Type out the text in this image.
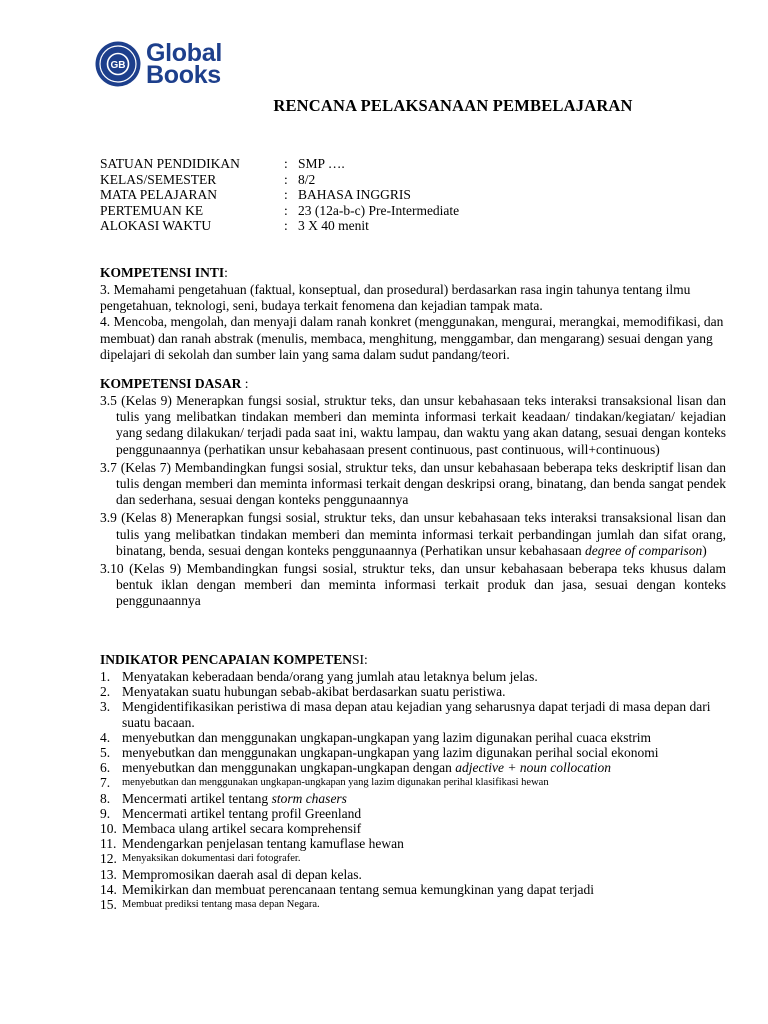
GB Global
Books
RENCANA PELAKSANAAN PEMBELAJARAN
SATUAN PENDIDIKAN	: SMP ….
KELAS/SEMESTER	: 8/2
MATA PELAJARAN	: BAHASA INGGRIS
PERTEMUAN KE	: 23 (12a-b-c) Pre-Intermediate
ALOKASI WAKTU	: 3 X 40 menit
KOMPETENSI INTI:
3. Memahami pengetahuan (faktual, konseptual, dan prosedural) berdasarkan rasa ingin tahunya tentang ilmu pengetahuan, teknologi, seni, budaya terkait fenomena dan kejadian tampak mata.
4. Mencoba, mengolah, dan menyaji dalam ranah konkret (menggunakan, mengurai, merangkai, memodifikasi, dan membuat) dan ranah abstrak (menulis, membaca, menghitung, menggambar, dan mengarang) sesuai dengan yang dipelajari di sekolah dan sumber lain yang sama dalam sudut pandang/teori.
KOMPETENSI DASAR :
3.5 (Kelas 9) Menerapkan fungsi sosial, struktur teks, dan unsur kebahasaan teks interaksi transaksional lisan dan tulis yang melibatkan tindakan memberi dan meminta informasi terkait keadaan/ tindakan/kegiatan/ kejadian yang sedang dilakukan/ terjadi pada saat ini, waktu lampau, dan waktu yang akan datang, sesuai dengan konteks penggunaannya (perhatikan unsur kebahasaan present continuous, past continuous, will+continuous)
3.7 (Kelas 7) Membandingkan fungsi sosial, struktur teks, dan unsur kebahasaan beberapa teks deskriptif lisan dan tulis dengan memberi dan meminta informasi terkait dengan deskripsi orang, binatang, dan benda sangat pendek dan sederhana, sesuai dengan konteks penggunaannya
3.9 (Kelas 8) Menerapkan fungsi sosial, struktur teks, dan unsur kebahasaan teks interaksi transaksional lisan dan tulis yang melibatkan tindakan memberi dan meminta informasi terkait perbandingan jumlah dan sifat orang, binatang, benda, sesuai dengan konteks penggunaannya (Perhatikan unsur kebahasaan degree of comparison)
3.10 (Kelas 9) Membandingkan fungsi sosial, struktur teks, dan unsur kebahasaan beberapa teks khusus dalam bentuk iklan dengan memberi dan meminta informasi terkait produk dan jasa, sesuai dengan konteks penggunaannya
INDIKATOR PENCAPAIAN KOMPETENSI:
1. Menyatakan keberadaan benda/orang yang jumlah atau letaknya belum jelas.
2. Menyatakan suatu hubungan sebab-akibat berdasarkan suatu peristiwa.
3. Mengidentifikasikan peristiwa di masa depan atau kejadian yang seharusnya dapat terjadi di masa depan dari suatu bacaan.
4. menyebutkan dan menggunakan ungkapan-ungkapan yang lazim digunakan perihal cuaca ekstrim
5. menyebutkan dan menggunakan ungkapan-ungkapan yang lazim digunakan perihal social ekonomi
6. menyebutkan dan menggunakan ungkapan-ungkapan dengan adjective + noun collocation
7.	menyebutkan dan menggunakan ungkapan-ungkapan yang lazim digunakan perihal klasifikasi hewan
8. Mencermati artikel tentang storm chasers
9. Mencermati artikel tentang profil Greenland
10. Membaca ulang artikel secara komprehensif
11. Mendengarkan penjelasan tentang kamuflase hewan
12. Menyaksikan dokumentasi dari fotografer.
13. Mempromosikan daerah asal di depan kelas.
14. Memikirkan dan membuat perencanaan tentang semua kemungkinan yang dapat terjadi
15. Membuat prediksi tentang masa depan Negara.
